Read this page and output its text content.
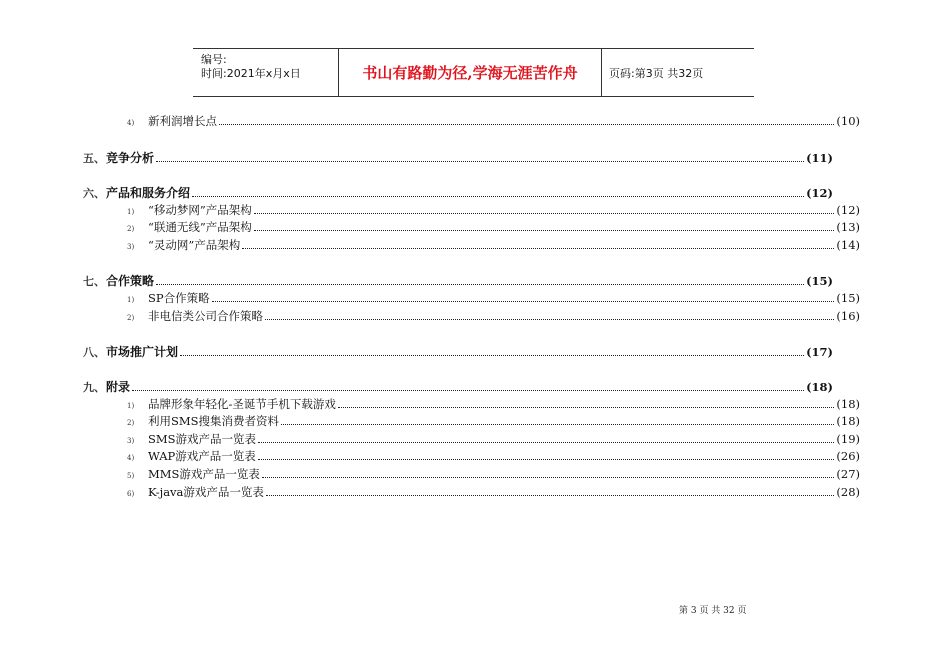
编号:
时间:2021年x月x日	书山有路勤为径,学海无涯苦作舟	页码:第3页 共32页
4)	新利润增长点	(10)
五、 竞争分析	(11)
六、 产品和服务介绍	(12)
1)	“移动梦网”产品架构	(12)
2)	“联通无线”产品架构	(13)
3)	“灵动网”产品架构	(14)
七、 合作策略	(15)
1)	SP合作策略	(15)
2)	非电信类公司合作策略	(16)
八、 市场推广计划	(17)
九、 附录	(18)
1)	品牌形象年轻化-圣诞节手机下载游戏	(18)
2)	利用SMS搜集消费者资料	(18)
3)	SMS游戏产品一览表	(19)
4)	WAP游戏产品一览表	(26)
5)	MMS游戏产品一览表	(27)
6)	K-java游戏产品一览表	(28)
第 3 页 共 32 页
